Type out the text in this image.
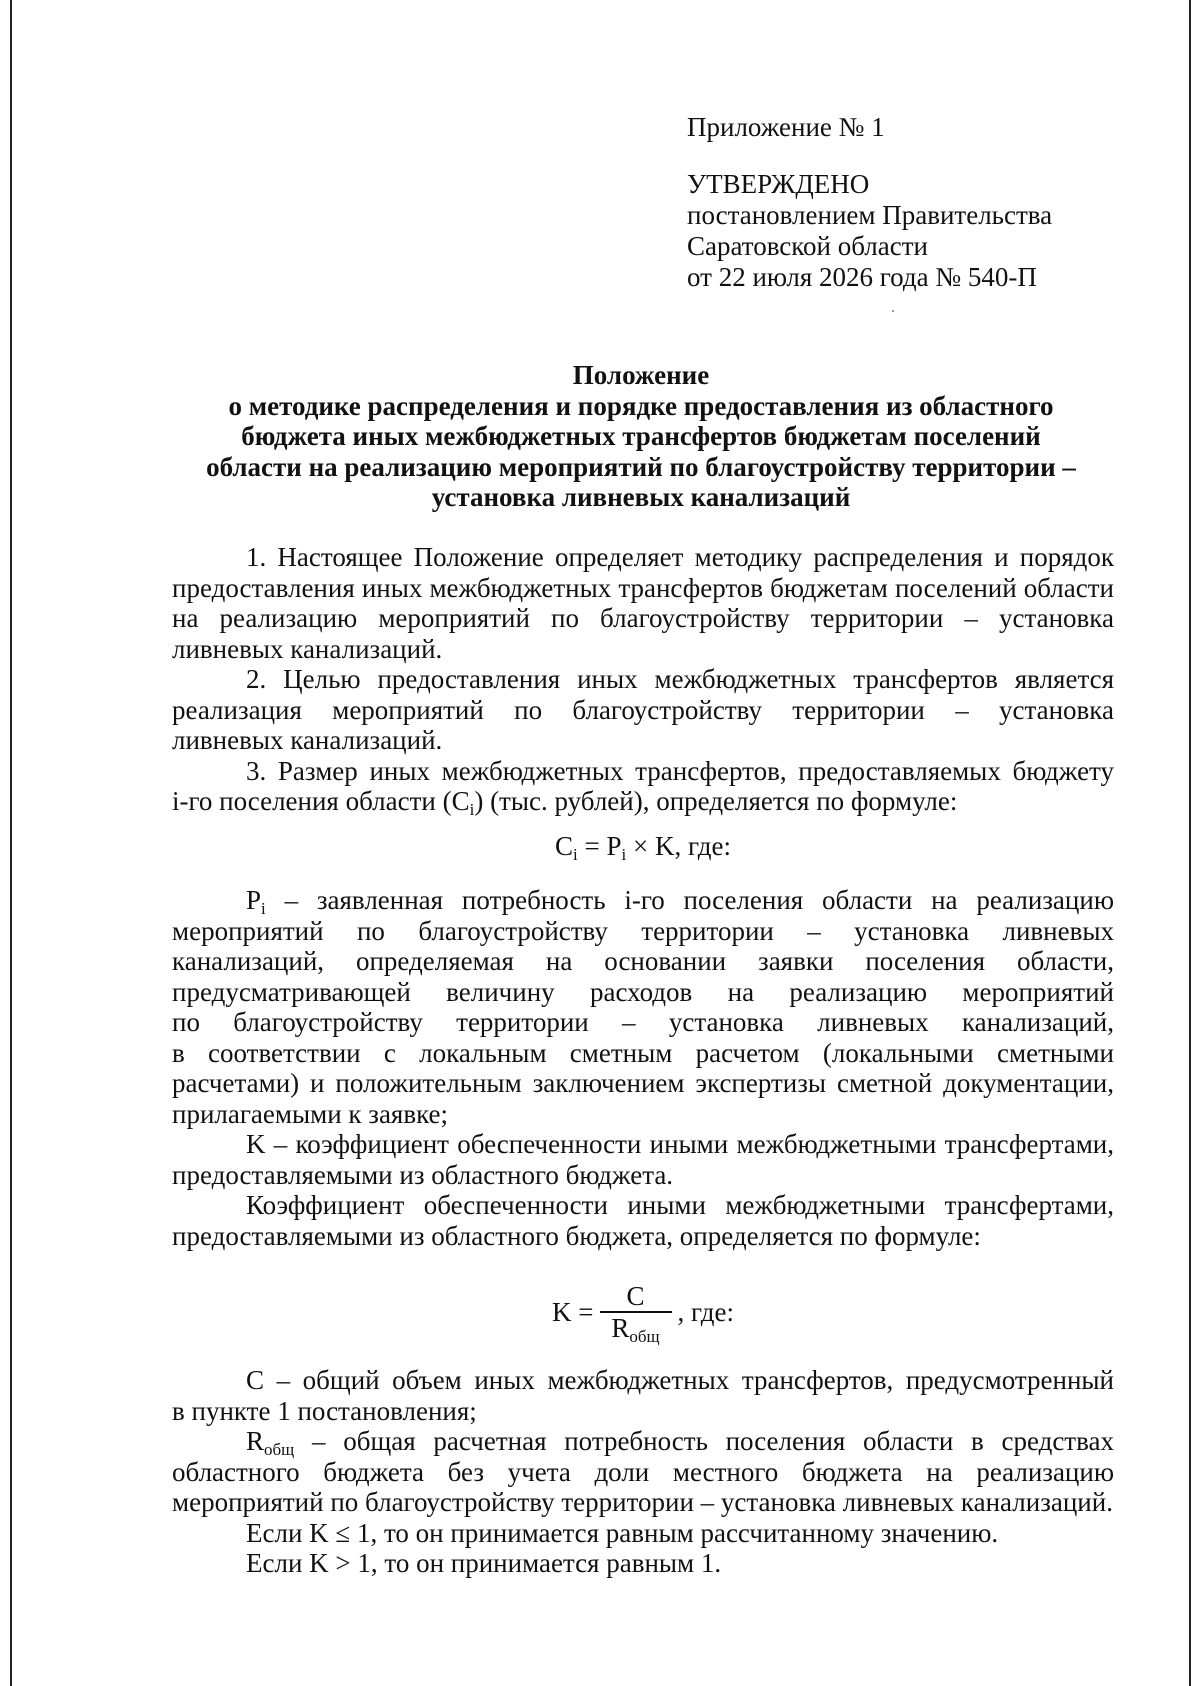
Приложение № 1
УТВЕРЖДЕНО
постановлением Правительства
Саратовской области
от 22 июля 2026 года № 540-П
Положение
о методике распределения и порядке предоставления из областного
бюджета иных межбюджетных трансфертов бюджетам поселений
области на реализацию мероприятий по благоустройству территории –
установка ливневых канализаций
1. Настоящее Положение определяет методику распределения и порядок
предоставления иных межбюджетных трансфертов бюджетам поселений области
на реализацию мероприятий по благоустройству территории – установка
ливневых канализаций.
2. Целью предоставления иных межбюджетных трансфертов является
реализация мероприятий по благоустройству территории – установка
ливневых канализаций.
3. Размер иных межбюджетных трансфертов, предоставляемых бюджету
i-го поселения области $(C_i)$ (тыс. рублей), определяется по формуле:
$C_i = P_i \times K$, где:
$P_i$ – заявленная потребность i-го поселения области на реализацию
мероприятий по благоустройству территории – установка ливневых
канализаций, определяемая на основании заявки поселения области,
предусматривающей величину расходов на реализацию мероприятий
по благоустройству территории – установка ливневых канализаций,
в соответствии с локальным сметным расчетом (локальными сметными
расчетами) и положительным заключением экспертизы сметной документации,
прилагаемыми к заявке;
K – коэффициент обеспеченности иными межбюджетными трансфертами,
предоставляемыми из областного бюджета.
Коэффициент обеспеченности иными межбюджетными трансфертами,
предоставляемыми из областного бюджета, определяется по формуле:
$K = \frac{C}{R_{общ}}$ , где:
C – общий объем иных межбюджетных трансфертов, предусмотренный
в пункте 1 постановления;
$R_{общ}$ – общая расчетная потребность поселения области в средствах
областного бюджета без учета доли местного бюджета на реализацию
мероприятий по благоустройству территории – установка ливневых канализаций.
Если K ≤ 1, то он принимается равным рассчитанному значению.
Если K > 1, то он принимается равным 1.
